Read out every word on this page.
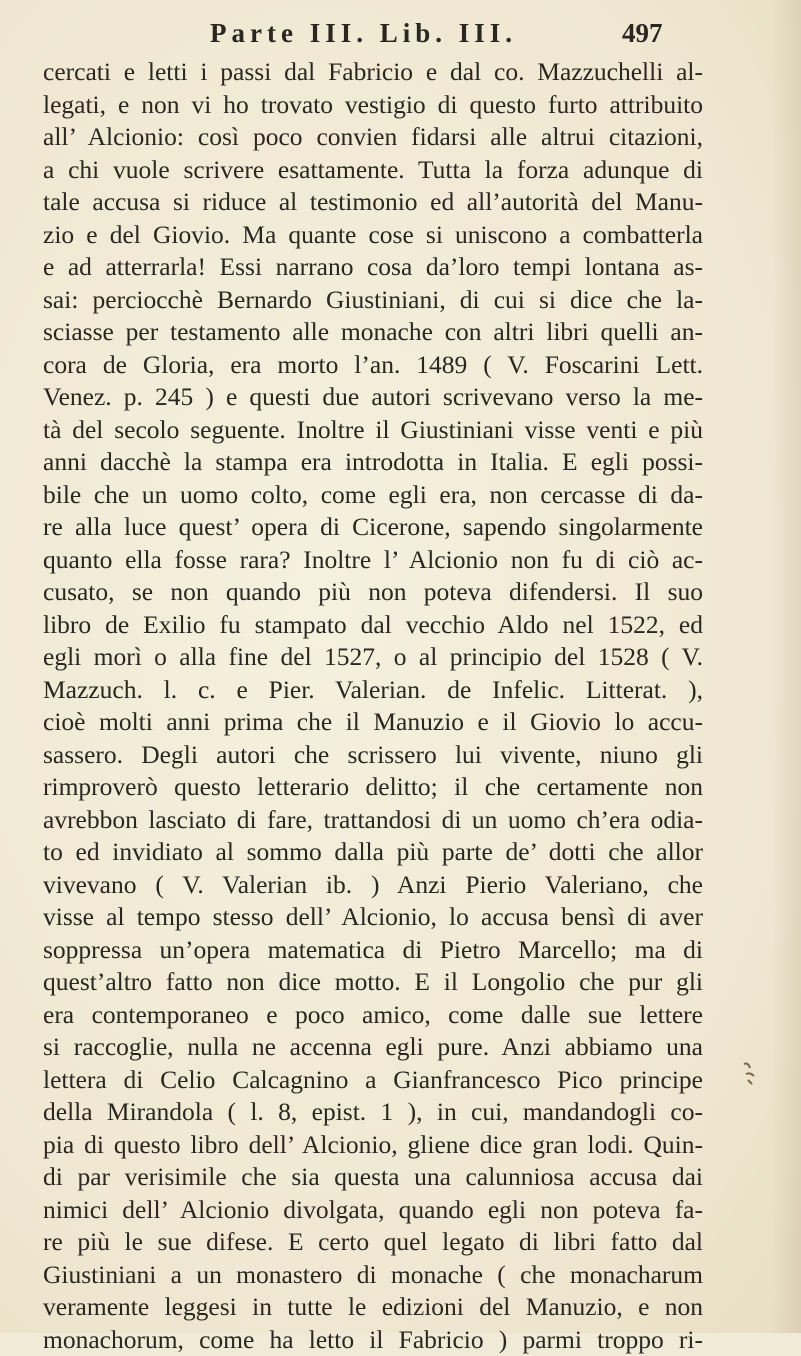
Parte III. Lib. III.	497
cercati e letti i passi dal Fabricio e dal co. Mazzuchelli al-
legati, e non vi ho trovato vestigio di questo furto attribuito
all’ Alcionio: così poco convien fidarsi alle altrui citazioni,
a chi vuole scrivere esattamente. Tutta la forza adunque di
tale accusa si riduce al testimonio ed all’autorità del Manu-
zio e del Giovio. Ma quante cose si uniscono a combatterla
e ad atterrarla! Essi narrano cosa da’loro tempi lontana as-
sai: perciocchè Bernardo Giustiniani, di cui si dice che la-
sciasse per testamento alle monache con altri libri quelli an-
cora de Gloria, era morto l’an. 1489 ( V. Foscarini Lett.
Venez. p. 245 ) e questi due autori scrivevano verso la me-
tà del secolo seguente. Inoltre il Giustiniani visse venti e più
anni dacchè la stampa era introdotta in Italia. E egli possi-
bile che un uomo colto, come egli era, non cercasse di da-
re alla luce quest’ opera di Cicerone, sapendo singolarmente
quanto ella fosse rara? Inoltre l’ Alcionio non fu di ciò ac-
cusato, se non quando più non poteva difendersi. Il suo
libro de Exilio fu stampato dal vecchio Aldo nel 1522, ed
egli morì o alla fine del 1527, o al principio del 1528 ( V.
Mazzuch. l. c. e Pier. Valerian. de Infelic. Litterat. ),
cioè molti anni prima che il Manuzio e il Giovio lo accu-
sassero. Degli autori che scrissero lui vivente, niuno gli
rimproverò questo letterario delitto; il che certamente non
avrebbon lasciato di fare, trattandosi di un uomo ch’era odia-
to ed invidiato al sommo dalla più parte de’ dotti che allor
vivevano ( V. Valerian ib. ) Anzi Pierio Valeriano, che
visse al tempo stesso dell’ Alcionio, lo accusa bensì di aver
soppressa un’opera matematica di Pietro Marcello; ma di
quest’altro fatto non dice motto. E il Longolio che pur gli
era contemporaneo e poco amico, come dalle sue lettere
si raccoglie, nulla ne accenna egli pure. Anzi abbiamo una
lettera di Celio Calcagnino a Gianfrancesco Pico principe
della Mirandola ( l. 8, epist. 1 ), in cui, mandandogli co-
pia di questo libro dell’ Alcionio, gliene dice gran lodi. Quin-
di par verisimile che sia questa una calunniosa accusa dai
nimici dell’ Alcionio divolgata, quando egli non poteva fa-
re più le sue difese. E certo quel legato di libri fatto dal
Giustiniani a un monastero di monache ( che monacharum
veramente leggesi in tutte le edizioni del Manuzio, e non
monachorum, come ha letto il Fabricio ) parmi troppo ri-
